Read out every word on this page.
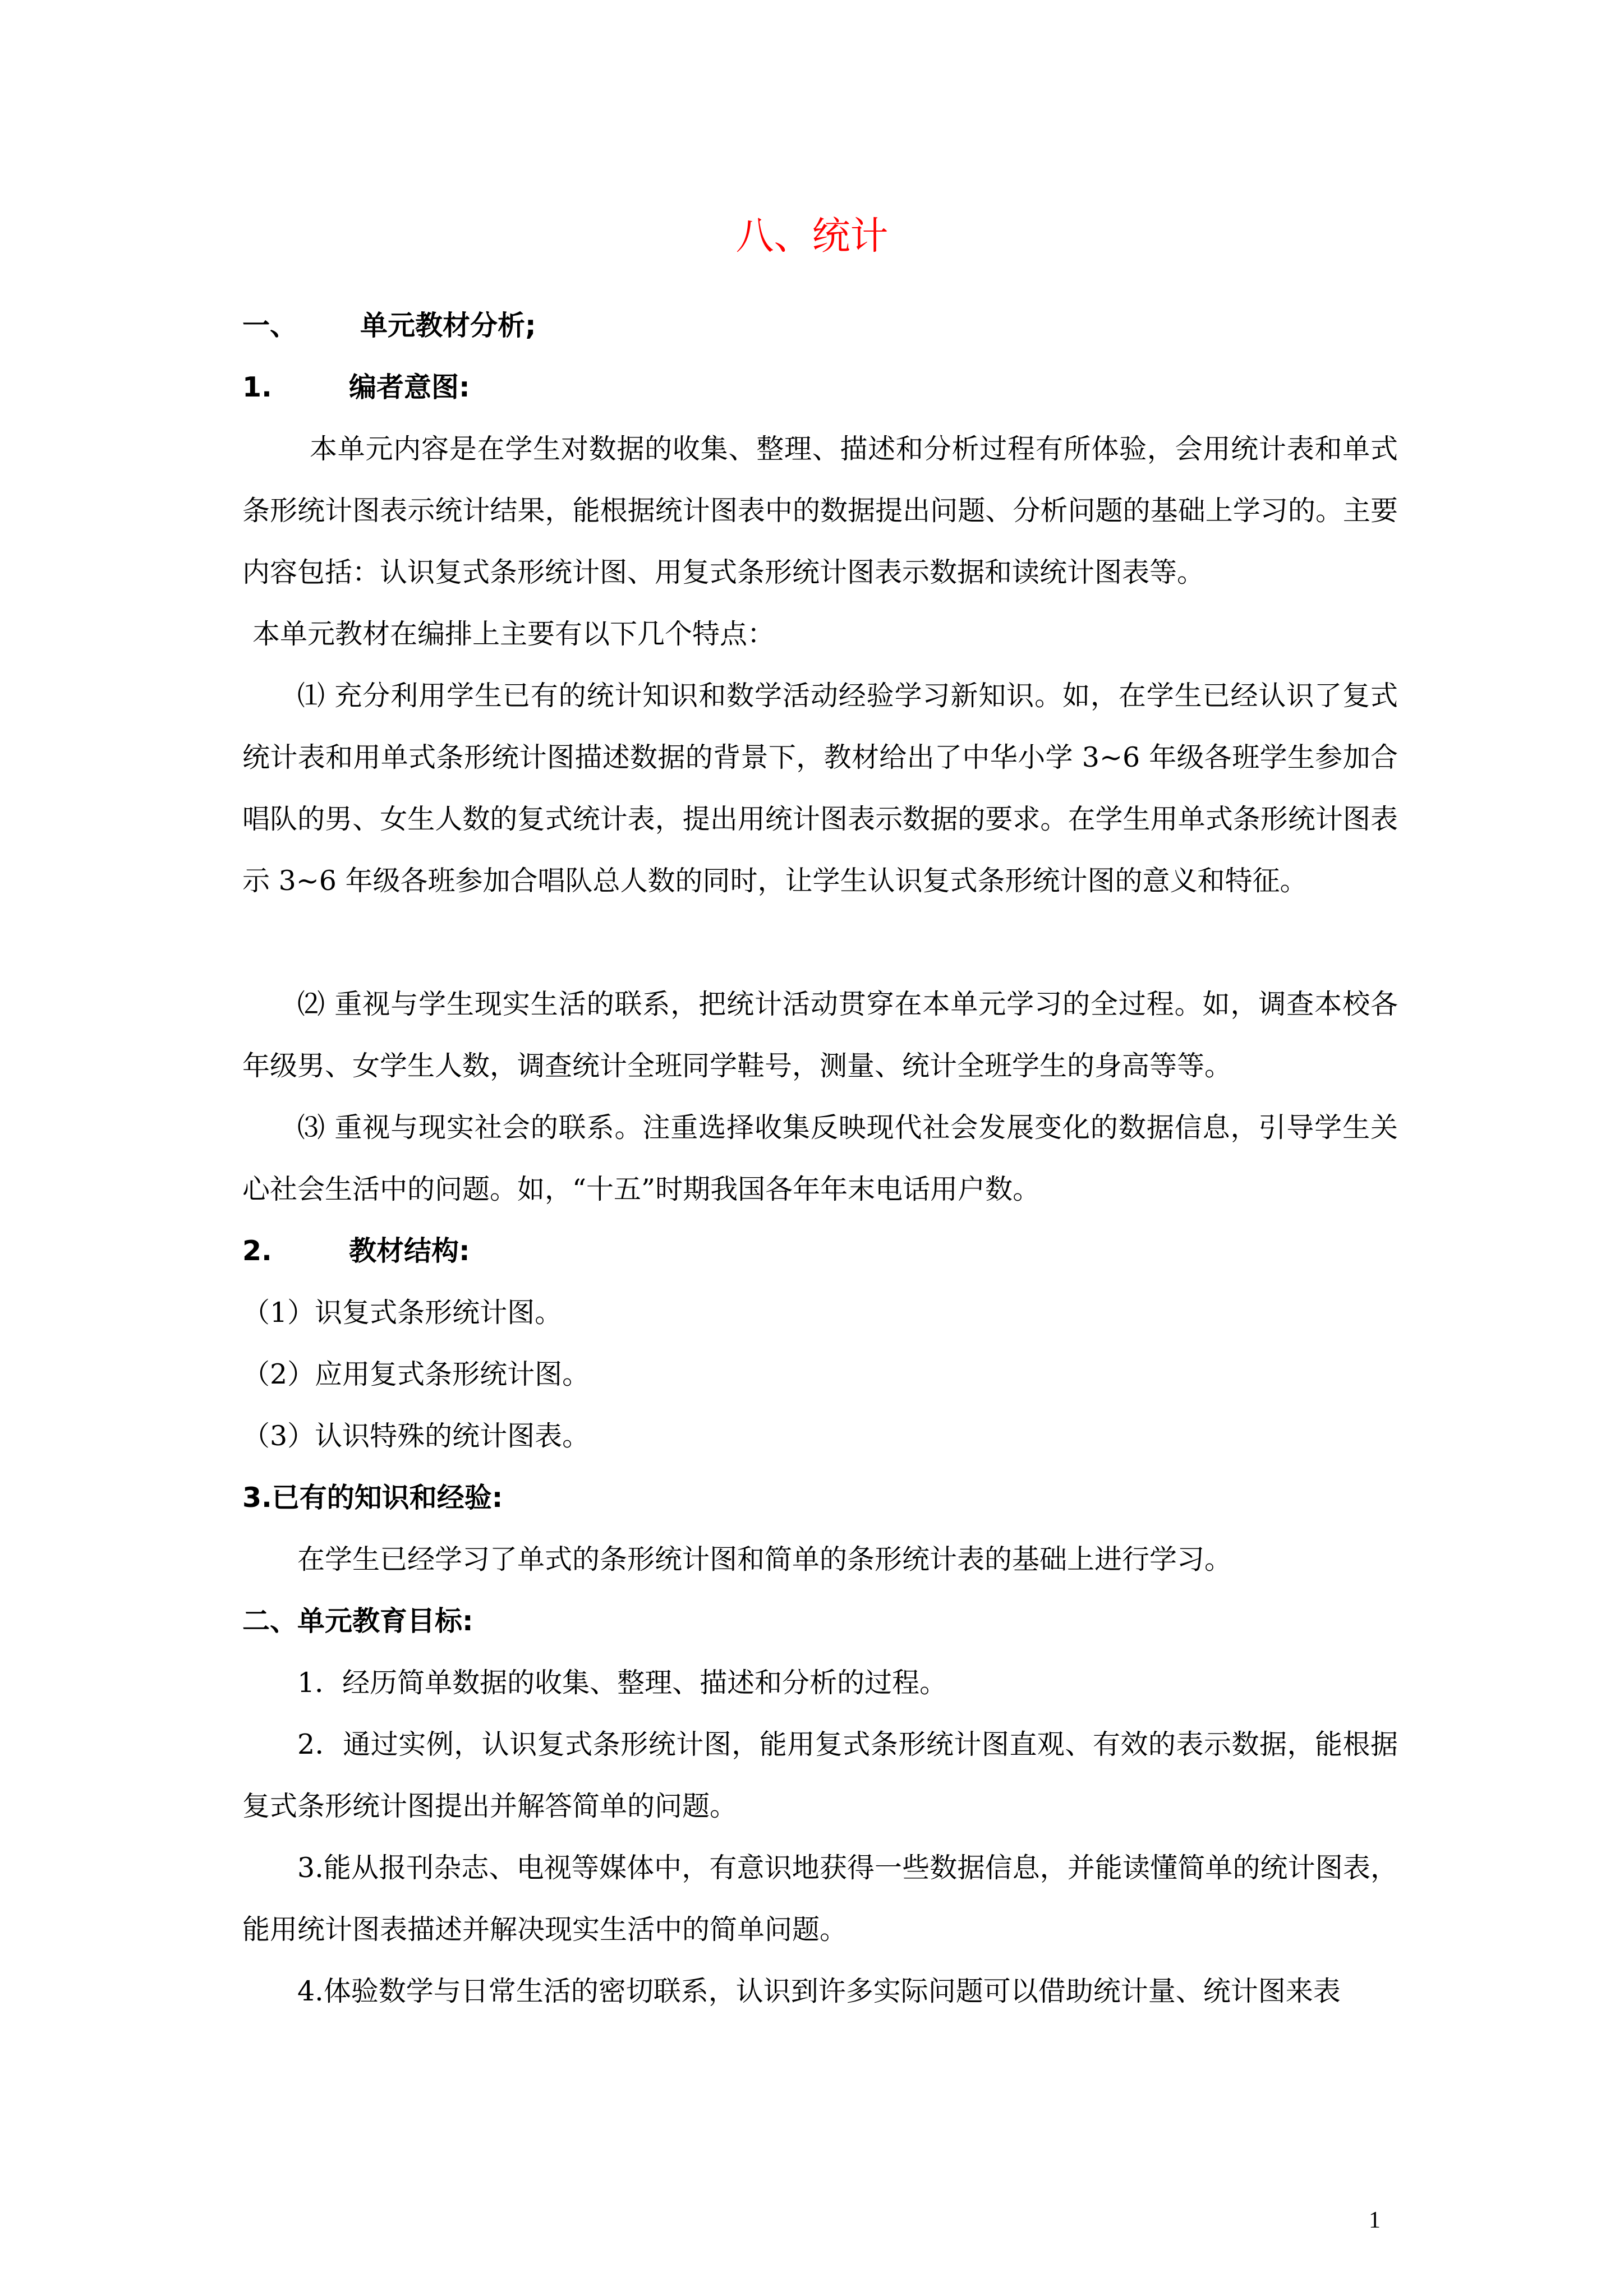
八、统计
一、 单元教材分析;
1.	编者意图:
本单元内容是在学生对数据的收集、整理、描述和分析过程有所体验，会用统计表和单式条形统计图表示统计结果，能根据统计图表中的数据提出问题、分析问题的基础上学习的。主要内容包括：认识复式条形统计图、用复式条形统计图表示数据和读统计图表等。
本单元教材在编排上主要有以下几个特点：
⑴ 充分利用学生已有的统计知识和数学活动经验学习新知识。如，在学生已经认识了复式统计表和用单式条形统计图描述数据的背景下，教材给出了中华小学 3~6 年级各班学生参加合唱队的男、女生人数的复式统计表，提出用统计图表示数据的要求。在学生用单式条形统计图表示 3~6 年级各班参加合唱队总人数的同时，让学生认识复式条形统计图的意义和特征。
⑵ 重视与学生现实生活的联系，把统计活动贯穿在本单元学习的全过程。如，调查本校各年级男、女学生人数，调查统计全班同学鞋号，测量、统计全班学生的身高等等。
⑶ 重视与现实社会的联系。注重选择收集反映现代社会发展变化的数据信息，引导学生关心社会生活中的问题。如，“十五”时期我国各年年末电话用户数。
2.	教材结构:
（1）识复式条形统计图。
（2）应用复式条形统计图。
（3）认识特殊的统计图表。
3.已有的知识和经验:
在学生已经学习了单式的条形统计图和简单的条形统计表的基础上进行学习。
二、单元教育目标:
1．经历简单数据的收集、整理、描述和分析的过程。
2．通过实例，认识复式条形统计图，能用复式条形统计图直观、有效的表示数据，能根据复式条形统计图提出并解答简单的问题。
3.能从报刊杂志、电视等媒体中，有意识地获得一些数据信息，并能读懂简单的统计图表，能用统计图表描述并解决现实生活中的简单问题。
4.体验数学与日常生活的密切联系，认识到许多实际问题可以借助统计量、统计图来表
1
